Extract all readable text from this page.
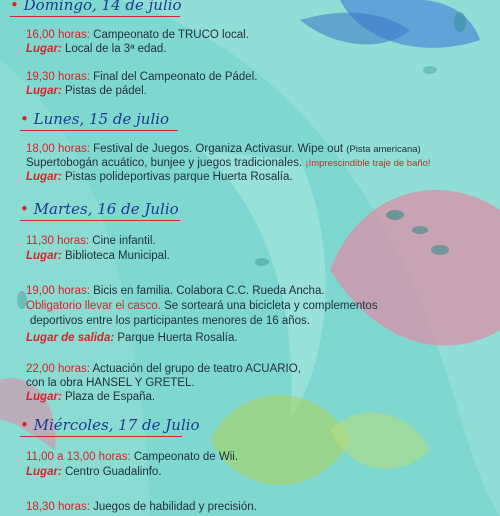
• Domingo, 14 de julio

16,00 horas: Campeonato de TRUCO local.

Lugar: Local de la 3ª edad.

19,30 horas: Final del Campeonato de Pádel.

Lugar: Pistas de pádel.

• Lunes, 15 de julio

18,00 horas: Festival de Juegos. Organiza Activasur. Wipe out (Pista americana)

Supertobogán acuático, bunjee y juegos tradicionales. ¡Imprescindible traje de baño!

Lugar: Pistas polideportivas parque Huerta Rosalía.

• Martes, 16 de Julio

11,30 horas: Cine infantil.

Lugar: Biblioteca Municipal.

19,00 horas: Bicis en familia. Colabora C.C. Rueda Ancha.

Obligatorio llevar el casco. Se sorteará una bicicleta y complementos

deportivos entre los participantes menores de 16 años.

Lugar de salida: Parque Huerta Rosalía.

22,00 horas: Actuación del grupo de teatro ACUARIO,

con la obra HANSEL Y GRETEL.

Lugar: Plaza de España.

• Miércoles, 17 de Julio

11,00 a 13,00 horas: Campeonato de Wii.

Lugar: Centro Guadalinfo.

18,30 horas: Juegos de habilidad y precisión.
